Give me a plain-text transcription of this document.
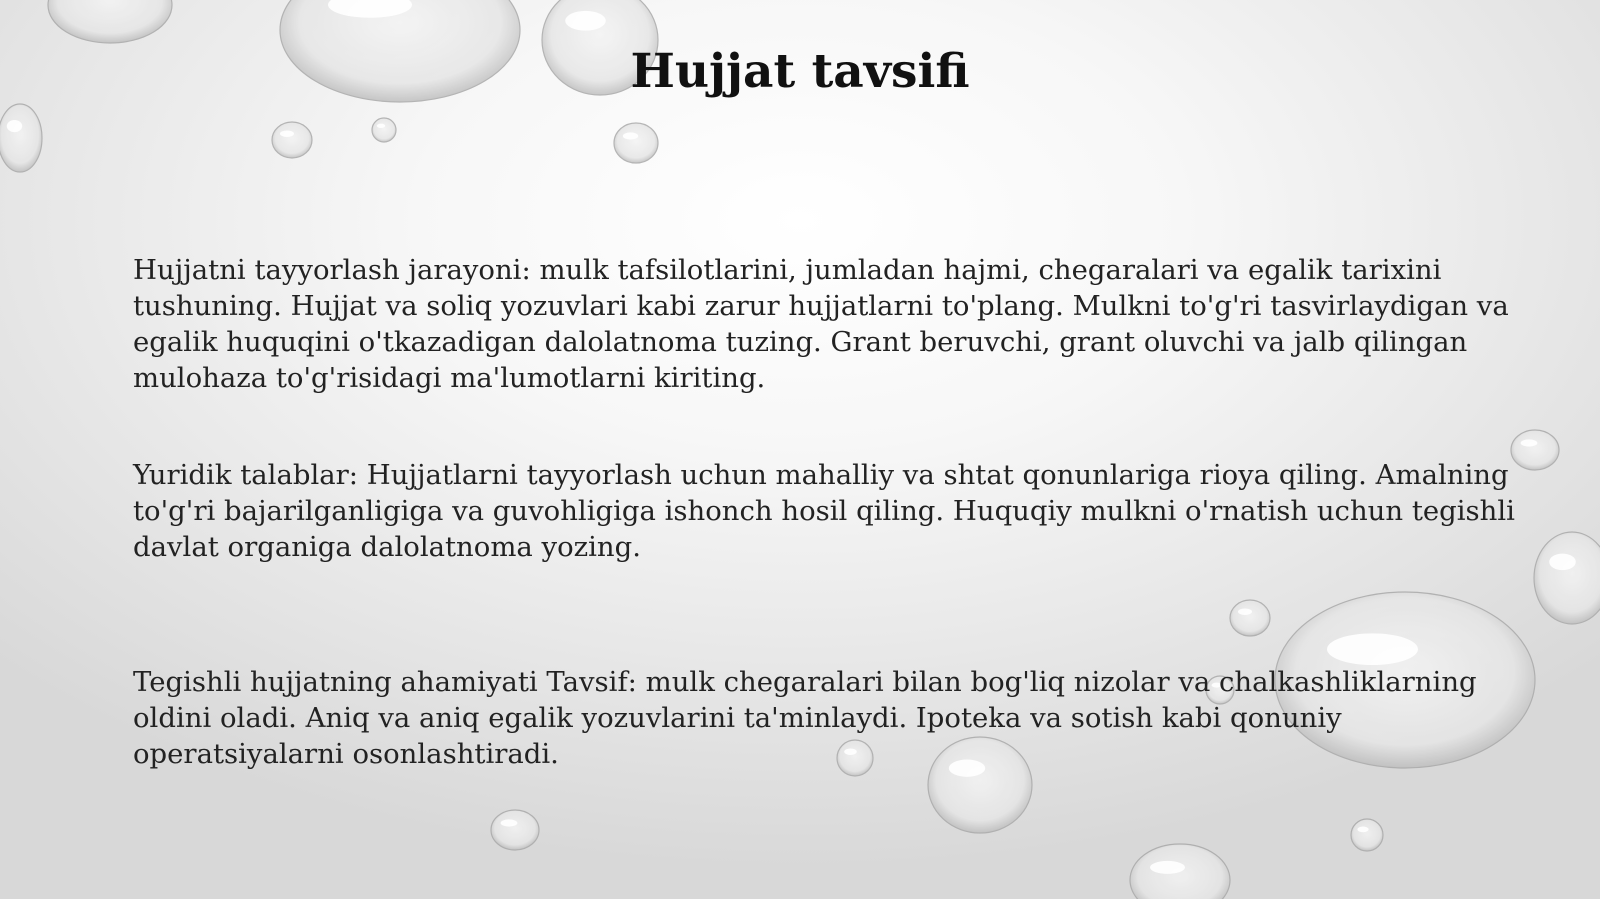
Hujjat tavsifi

Hujjatni tayyorlash jarayoni: mulk tafsilotlarini, jumladan hajmi, chegaralari va egalik tarixini tushuning. Hujjat va soliq yozuvlari kabi zarur hujjatlarni to'plang. Mulkni to'g'ri tasvirlaydigan va egalik huquqini o'tkazadigan dalolatnoma tuzing. Grant beruvchi, grant oluvchi va jalb qilingan mulohaza to'g'risidagi ma'lumotlarni kiriting.

Yuridik talablar: Hujjatlarni tayyorlash uchun mahalliy va shtat qonunlariga rioya qiling. Amalning to'g'ri bajarilganligiga va guvohligiga ishonch hosil qiling. Huquqiy mulkni o'rnatish uchun tegishli davlat organiga dalolatnoma yozing.

Tegishli hujjatning ahamiyati Tavsif: mulk chegaralari bilan bog'liq nizolar va chalkashliklarning oldini oladi. Aniq va aniq egalik yozuvlarini ta'minlaydi. Ipoteka va sotish kabi qonuniy operatsiyalarni osonlashtiradi.
